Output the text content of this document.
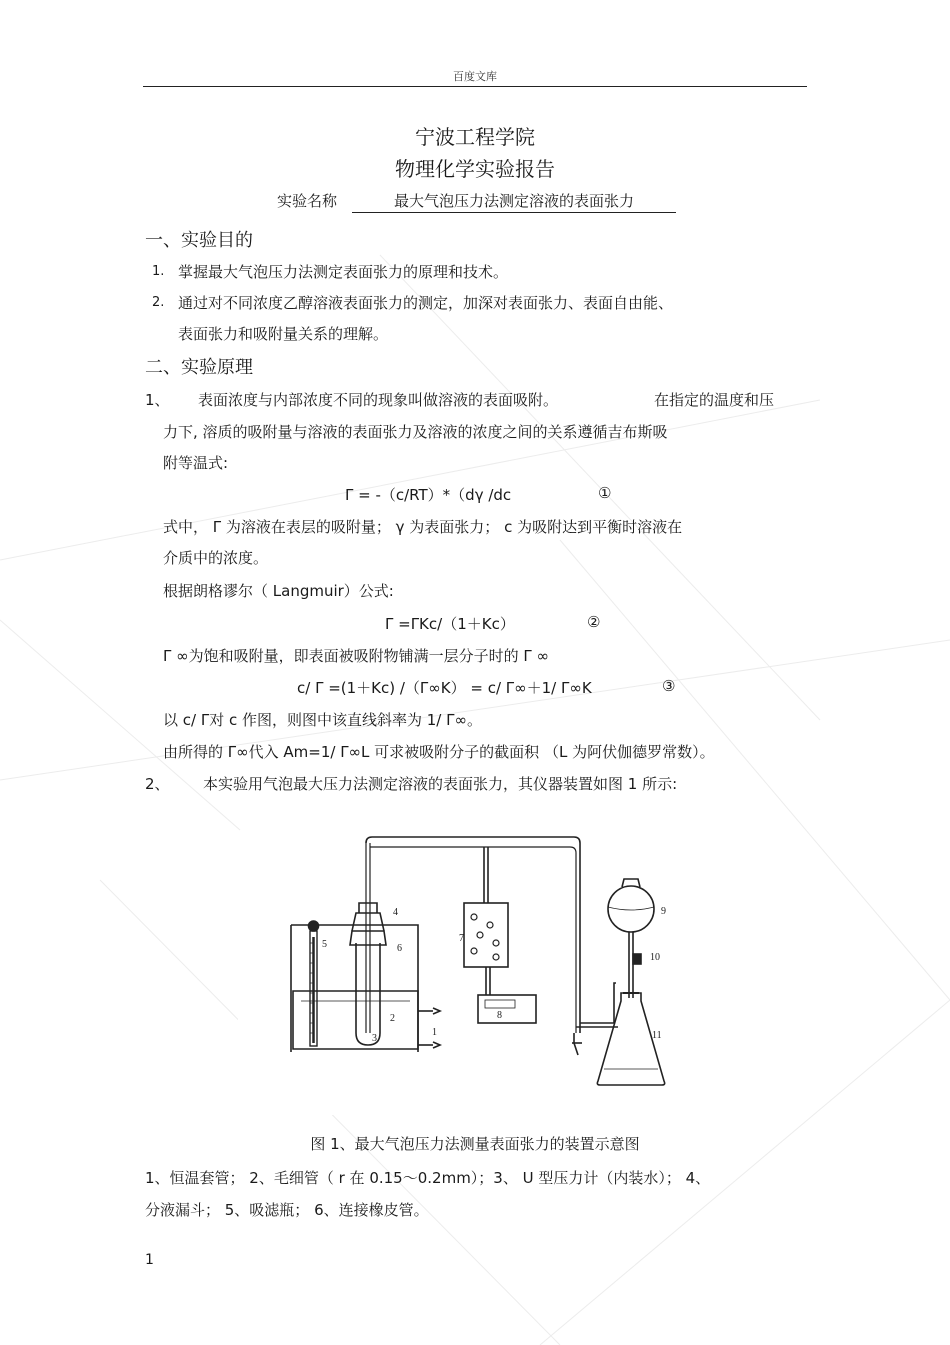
百度文库
宁波工程学院
物理化学实验报告
实验名称	最大气泡压力法测定溶液的表面张力
一、实验目的
1. 掌握最大气泡压力法测定表面张力的原理和技术。
2. 通过对不同浓度乙醇溶液表面张力的测定，加深对表面张力、表面自由能、
表面张力和吸附量关系的理解。
二、实验原理
1、 表面浓度与内部浓度不同的现象叫做溶液的表面吸附。	在指定的温度和压
力下, 溶质的吸附量与溶液的表面张力及溶液的浓度之间的关系遵循吉布斯吸
附等温式:
Γ = -（c/RT）*（dγ /dc	①
式中， Γ 为溶液在表层的吸附量； γ 为表面张力； c 为吸附达到平衡时溶液在
介质中的浓度。
根据朗格谬尔（ Langmuir）公式:
Γ =ΓKc/（1＋Kc）	②
Γ ∞为饱和吸附量，即表面被吸附物铺满一层分子时的 Γ ∞
c/ Γ =(1＋Kc) /（Γ∞K） = c/ Γ∞＋1/ Γ∞K	③
以 c/ Γ对 c 作图，则图中该直线斜率为 1/ Γ∞。
由所得的 Γ∞代入 Am=1/ Γ∞L 可求被吸附分子的截面积 （L 为阿伏伽德罗常数）。
2、 本实验用气泡最大压力法测定溶液的表面张力，其仪器装置如图 1 所示:
1
2
3
4
5	6
7
8
9
10
11
图 1、最大气泡压力法测量表面张力的装置示意图
1、恒温套管； 2、毛细管（ r 在 0.15～0.2mm）；3、 U 型压力计（内装水）； 4、
分液漏斗； 5、吸滤瓶； 6、连接橡皮管。
1
